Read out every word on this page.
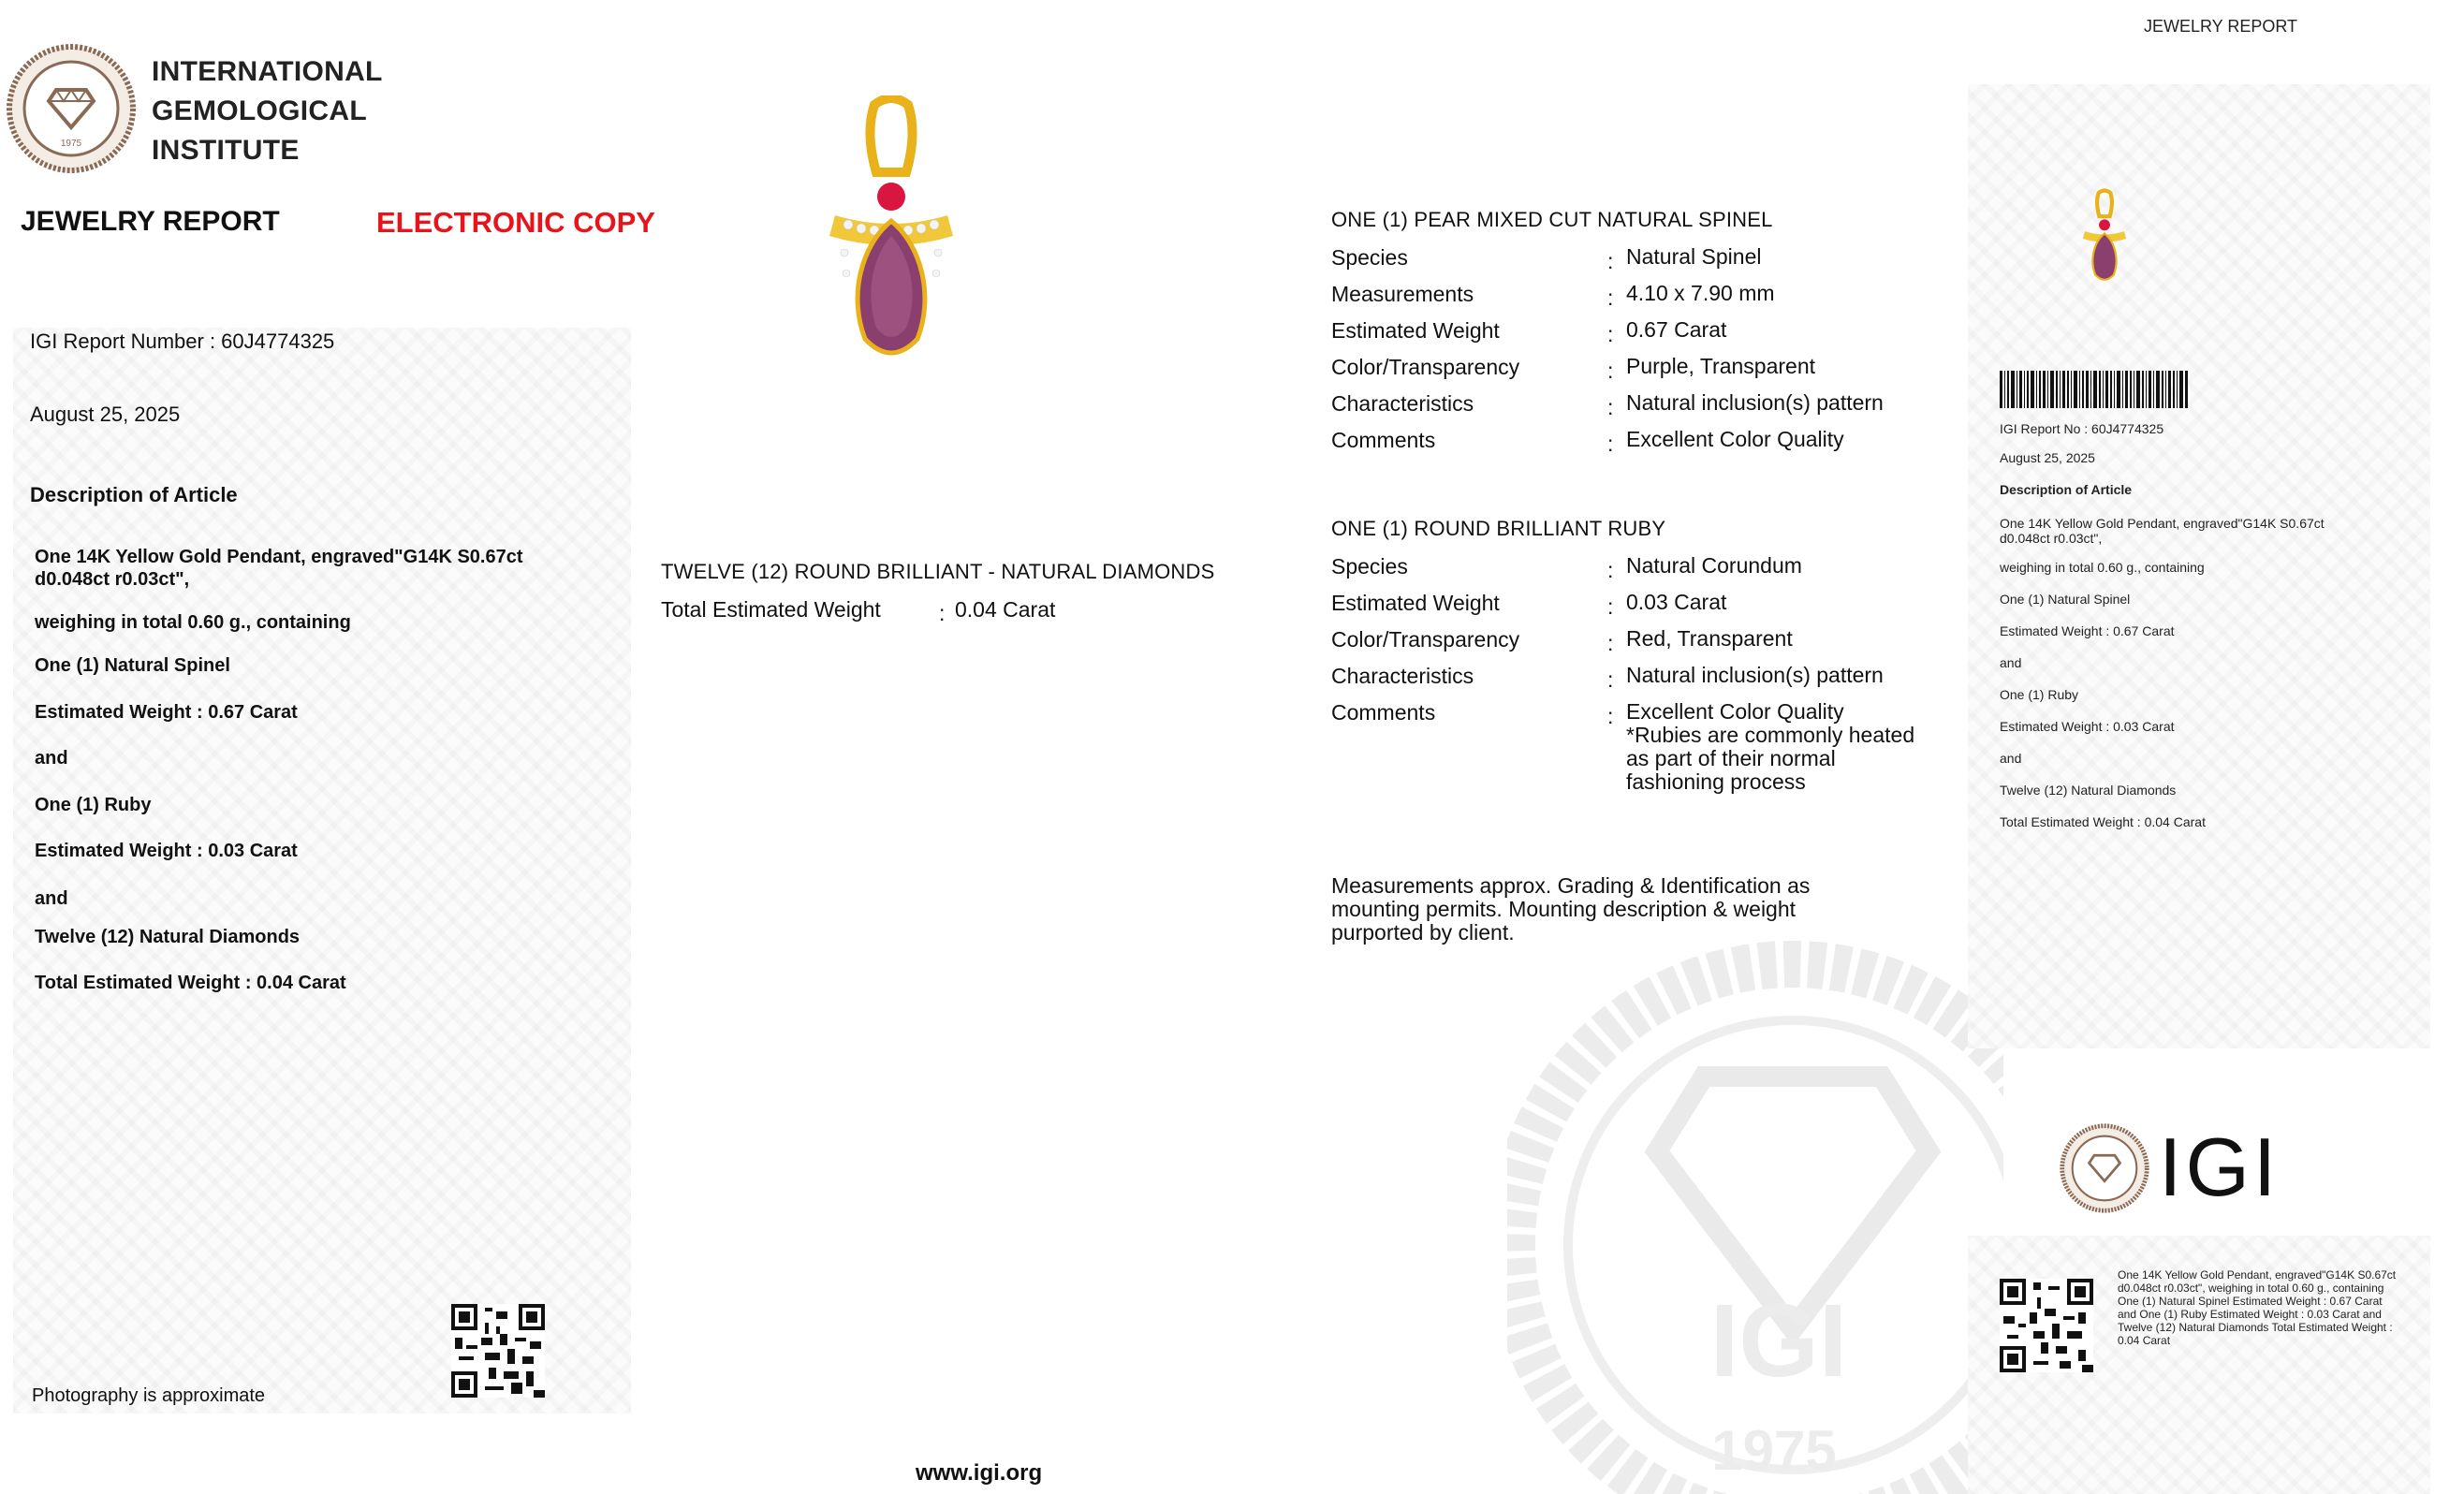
JEWELRY REPORT
1975
INTERNATIONAL
GEMOLOGICAL
INSTITUTE
JEWELRY REPORT	ELECTRONIC COPY
IGI Report Number : 60J4774325
August 25, 2025
Description of Article
One 14K Yellow Gold Pendant, engraved"G14K S0.67ct d0.048ct r0.03ct",
weighing in total 0.60 g., containing
One (1) Natural Spinel
Estimated Weight : 0.67 Carat
and
One (1) Ruby
Estimated Weight : 0.03 Carat
and
Twelve (12) Natural Diamonds
Total Estimated Weight : 0.04 Carat
Photography is approximate
TWELVE (12) ROUND BRILLIANT - NATURAL DIAMONDS
Total Estimated Weight	: 0.04 Carat
1975
IGI
ONE (1) PEAR MIXED CUT NATURAL SPINEL
Species	: Natural Spinel
Measurements	: 4.10 x 7.90 mm
Estimated Weight	: 0.67 Carat
Color/Transparency	: Purple, Transparent
Characteristics	: Natural inclusion(s) pattern
Comments	: Excellent Color Quality
ONE (1) ROUND BRILLIANT RUBY
Species	: Natural Corundum
Estimated Weight	: 0.03 Carat
Color/Transparency	: Red, Transparent
Characteristics	: Natural inclusion(s) pattern
Comments	: Excellent Color Quality
*Rubies are commonly heated
as part of their normal
fashioning process
Measurements approx. Grading & Identification as
mounting permits. Mounting description & weight
purported by client.
IGI Report No : 60J4774325
August 25, 2025
Description of Article
One 14K Yellow Gold Pendant, engraved"G14K S0.67ct
d0.048ct r0.03ct",
weighing in total 0.60 g., containing
One (1) Natural Spinel
Estimated Weight : 0.67 Carat
and
One (1) Ruby
Estimated Weight : 0.03 Carat
and
Twelve (12) Natural Diamonds
Total Estimated Weight : 0.04 Carat
IGI
One 14K Yellow Gold Pendant, engraved"G14K S0.67ct
d0.048ct r0.03ct", weighing in total 0.60 g., containing
One (1) Natural Spinel Estimated Weight : 0.67 Carat
and One (1) Ruby Estimated Weight : 0.03 Carat and
Twelve (12) Natural Diamonds Total Estimated Weight :
0.04 Carat
www.igi.org
